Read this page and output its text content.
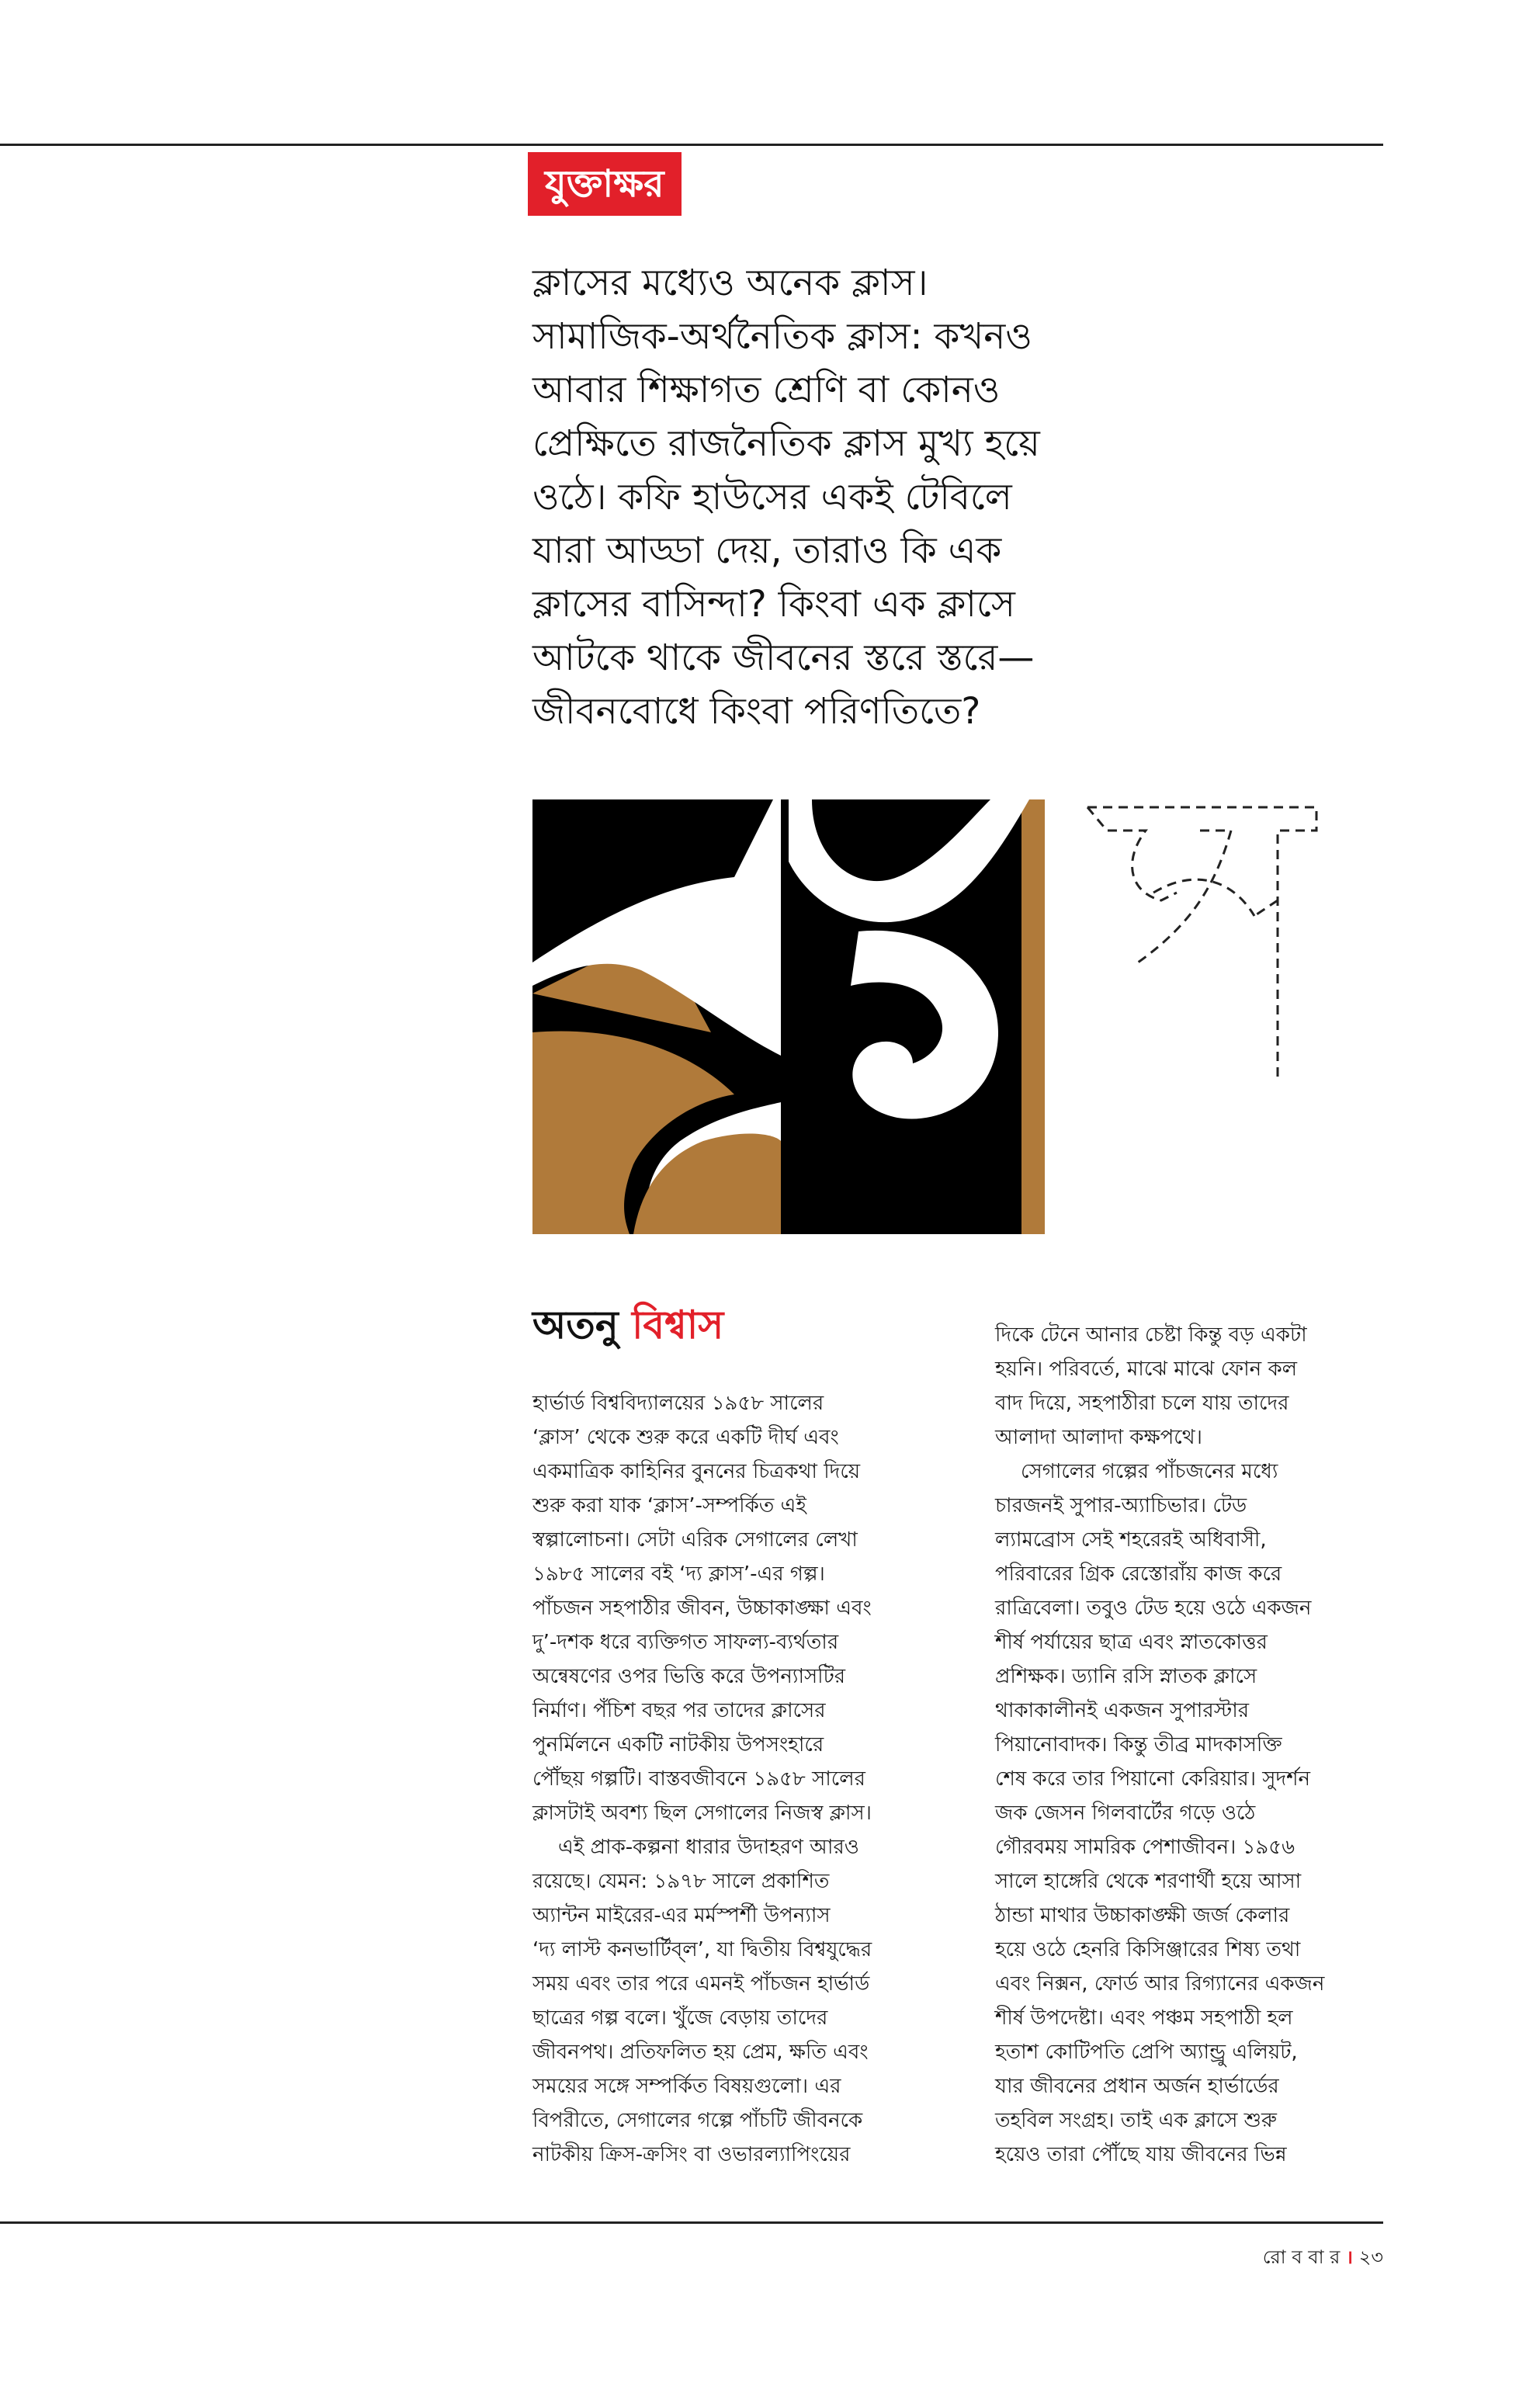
যুক্তাক্ষর

ক্লাসের মধ্যেও অনেক ক্লাস।

সামাজিক-অর্থনৈতিক ক্লাস: কখনও

আবার শিক্ষাগত শ্রেণি বা কোনও

প্রেক্ষিতে রাজনৈতিক ক্লাস মুখ্য হয়ে

ওঠে। কফি হাউসের একই টেবিলে

যারা আড্ডা দেয়, তারাও কি এক

ক্লাসের বাসিন্দা? কিংবা এক ক্লাসে

আটকে থাকে জীবনের স্তরে স্তরে—

জীবনবোধে কিংবা পরিণতিতে?

অতনু বিশ্বাস

হার্ভার্ড বিশ্ববিদ্যালয়ের ১৯৫৮ সালের

‘ক্লাস’ থেকে শুরু করে একটি দীর্ঘ এবং

একমাত্রিক কাহিনির বুননের চিত্রকথা দিয়ে

শুরু করা যাক ‘ক্লাস’-সম্পর্কিত এই

স্বল্পালোচনা। সেটা এরিক সেগালের লেখা

১৯৮৫ সালের বই ‘দ্য ক্লাস’-এর গল্প।

পাঁচজন সহপাঠীর জীবন, উচ্চাকাঙ্ক্ষা এবং

দু’-দশক ধরে ব্যক্তিগত সাফল্য-ব্যর্থতার

অন্বেষণের ওপর ভিত্তি করে উপন্যাসটির

নির্মাণ। পঁচিশ বছর পর তাদের ক্লাসের

পুনর্মিলনে একটি নাটকীয় উপসংহারে

পৌঁছয় গল্পটি। বাস্তবজীবনে ১৯৫৮ সালের

ক্লাসটাই অবশ্য ছিল সেগালের নিজস্ব ক্লাস।

এই প্রাক-কল্পনা ধারার উদাহরণ আরও

রয়েছে। যেমন: ১৯৭৮ সালে প্রকাশিত

অ্যান্টন মাইরের-এর মর্মস্পর্শী উপন্যাস

‘দ্য লাস্ট কনভার্টিব্‌ল’, যা দ্বিতীয় বিশ্বযুদ্ধের

সময় এবং তার পরে এমনই পাঁচজন হার্ভার্ড

ছাত্রের গল্প বলে। খুঁজে বেড়ায় তাদের

জীবনপথ। প্রতিফলিত হয় প্রেম, ক্ষতি এবং

সময়ের সঙ্গে সম্পর্কিত বিষয়গুলো। এর

বিপরীতে, সেগালের গল্পে পাঁচটি জীবনকে

নাটকীয় ক্রিস-ক্রসিং বা ওভারল্যাপিংয়ের

দিকে টেনে আনার চেষ্টা কিন্তু বড় একটা

হয়নি। পরিবর্তে, মাঝে মাঝে ফোন কল

বাদ দিয়ে, সহপাঠীরা চলে যায় তাদের

আলাদা আলাদা কক্ষপথে।

সেগালের গল্পের পাঁচজনের মধ্যে

চারজনই সুপার-অ্যাচিভার। টেড

ল্যামব্রোস সেই শহরেরই অধিবাসী,

পরিবারের গ্রিক রেস্তোরাঁয় কাজ করে

রাত্রিবেলা। তবুও টেড হয়ে ওঠে একজন

শীর্ষ পর্যায়ের ছাত্র এবং স্নাতকোত্তর

প্রশিক্ষক। ড্যানি রসি স্নাতক ক্লাসে

থাকাকালীনই একজন সুপারস্টার

পিয়ানোবাদক। কিন্তু তীব্র মাদকাসক্তি

শেষ করে তার পিয়ানো কেরিয়ার। সুদর্শন

জক জেসন গিলবার্টের গড়ে ওঠে

গৌরবময় সামরিক পেশাজীবন। ১৯৫৬

সালে হাঙ্গেরি থেকে শরণার্থী হয়ে আসা

ঠান্ডা মাথার উচ্চাকাঙ্ক্ষী জর্জ কেলার

হয়ে ওঠে হেনরি কিসিঞ্জারের শিষ্য তথা

এবং নিক্সন, ফোর্ড আর রিগ্যানের একজন

শীর্ষ উপদেষ্টা। এবং পঞ্চম সহপাঠী হল

হতাশ কোটিপতি প্রেপি অ্যান্ড্রু এলিয়ট,

যার জীবনের প্রধান অর্জন হার্ভার্ডের

তহবিল সংগ্রহ। তাই এক ক্লাসে শুরু

হয়েও তারা পৌঁছে যায় জীবনের ভিন্ন

রো ব বা র । ২৩
